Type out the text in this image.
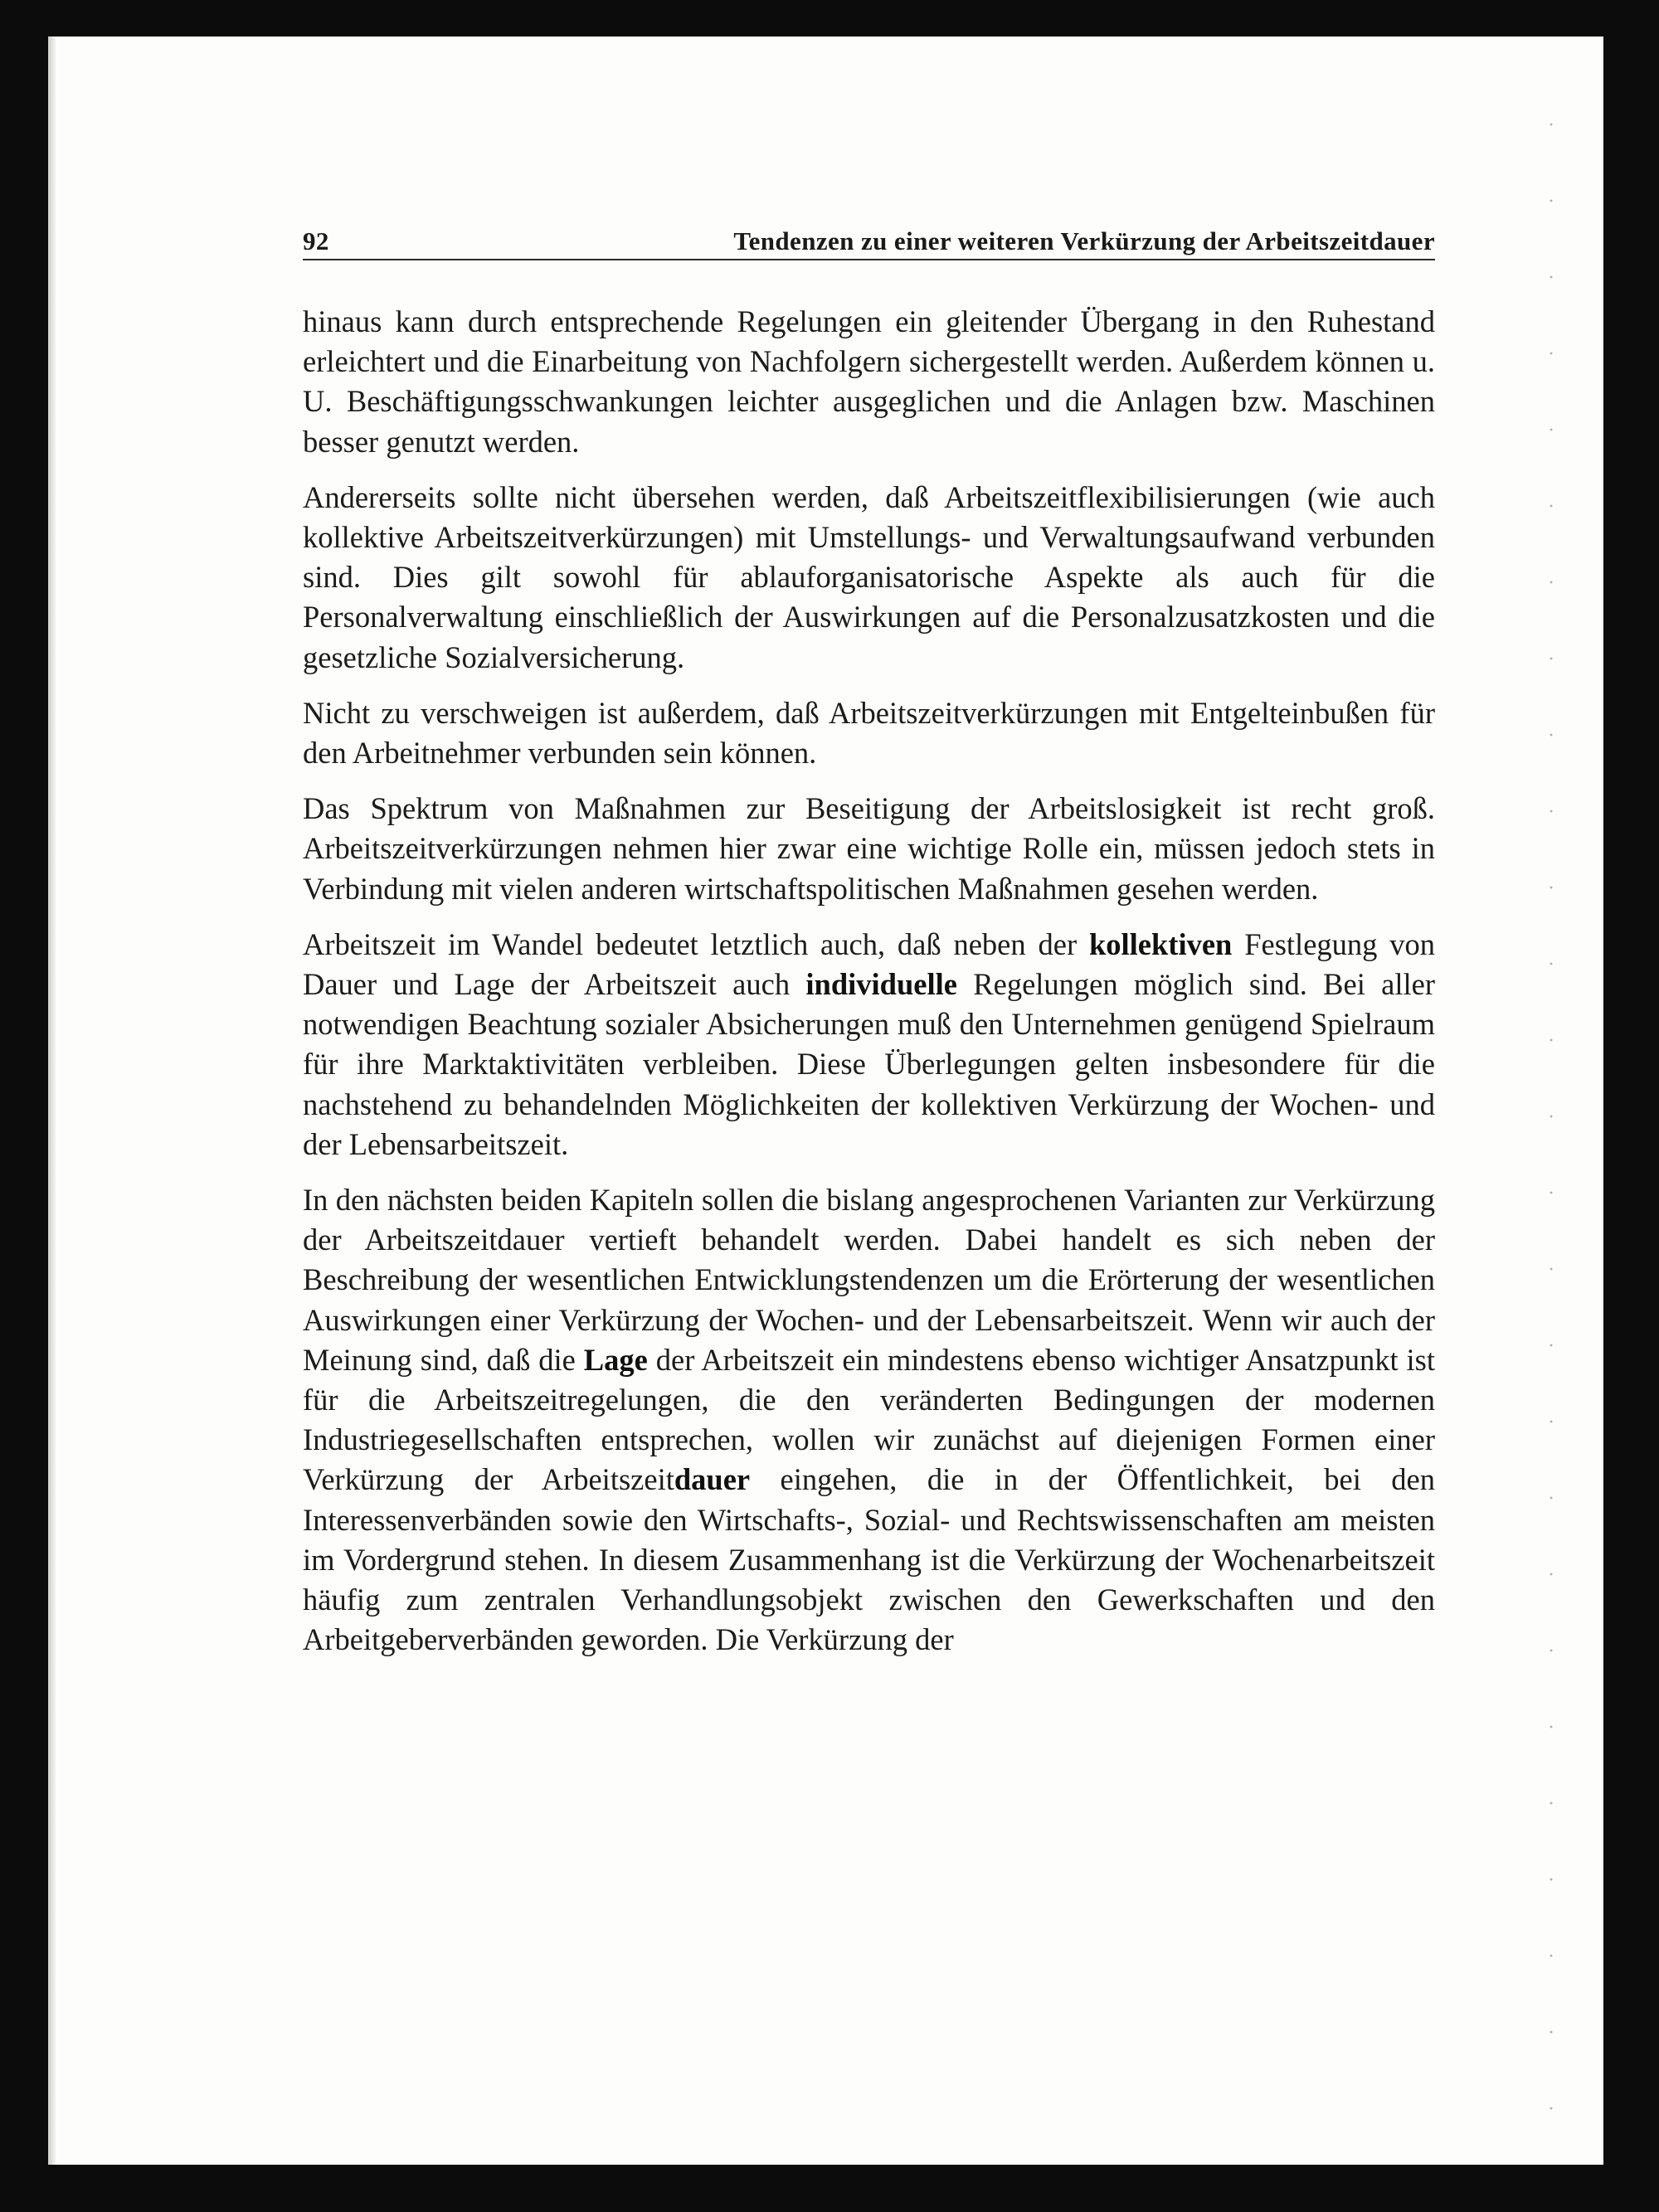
92	Tendenzen zu einer weiteren Verkürzung der Arbeitszeitdauer

hinaus kann durch entsprechende Regelungen ein gleitender Übergang in den Ruhestand erleichtert und die Einarbeitung von Nachfolgern sichergestellt werden. Außerdem können u. U. Beschäftigungsschwankungen leichter ausgeglichen und die Anlagen bzw. Maschinen besser genutzt werden.

Andererseits sollte nicht übersehen werden, daß Arbeitszeitflexibilisierungen (wie auch kollektive Arbeitszeitverkürzungen) mit Umstellungs- und Verwaltungsaufwand verbunden sind. Dies gilt sowohl für ablauforganisatorische Aspekte als auch für die Personalverwaltung einschließlich der Auswirkungen auf die Personalzusatzkosten und die gesetzliche Sozialversicherung.

Nicht zu verschweigen ist außerdem, daß Arbeitszeitverkürzungen mit Entgelteinbußen für den Arbeitnehmer verbunden sein können.

Das Spektrum von Maßnahmen zur Beseitigung der Arbeitslosigkeit ist recht groß. Arbeitszeitverkürzungen nehmen hier zwar eine wichtige Rolle ein, müssen jedoch stets in Verbindung mit vielen anderen wirtschaftspolitischen Maßnahmen gesehen werden.

Arbeitszeit im Wandel bedeutet letztlich auch, daß neben der kollektiven Festlegung von Dauer und Lage der Arbeitszeit auch individuelle Regelungen möglich sind. Bei aller notwendigen Beachtung sozialer Absicherungen muß den Unternehmen genügend Spielraum für ihre Marktaktivitäten verbleiben. Diese Überlegungen gelten insbesondere für die nachstehend zu behandelnden Möglichkeiten der kollektiven Verkürzung der Wochen- und der Lebensarbeitszeit.

In den nächsten beiden Kapiteln sollen die bislang angesprochenen Varianten zur Verkürzung der Arbeitszeitdauer vertieft behandelt werden. Dabei handelt es sich neben der Beschreibung der wesentlichen Entwicklungstendenzen um die Erörterung der wesentlichen Auswirkungen einer Verkürzung der Wochen- und der Lebensarbeitszeit. Wenn wir auch der Meinung sind, daß die Lage der Arbeitszeit ein mindestens ebenso wichtiger Ansatzpunkt ist für die Arbeitszeitregelungen, die den veränderten Bedingungen der modernen Industriegesellschaften entsprechen, wollen wir zunächst auf diejenigen Formen einer Verkürzung der Arbeitszeitdauer eingehen, die in der Öffentlichkeit, bei den Interessenverbänden sowie den Wirtschafts-, Sozial- und Rechtswissenschaften am meisten im Vordergrund stehen. In diesem Zusammenhang ist die Verkürzung der Wochenarbeitszeit häufig zum zentralen Verhandlungsobjekt zwischen den Gewerkschaften und den Arbeitgeberverbänden geworden. Die Verkürzung der
